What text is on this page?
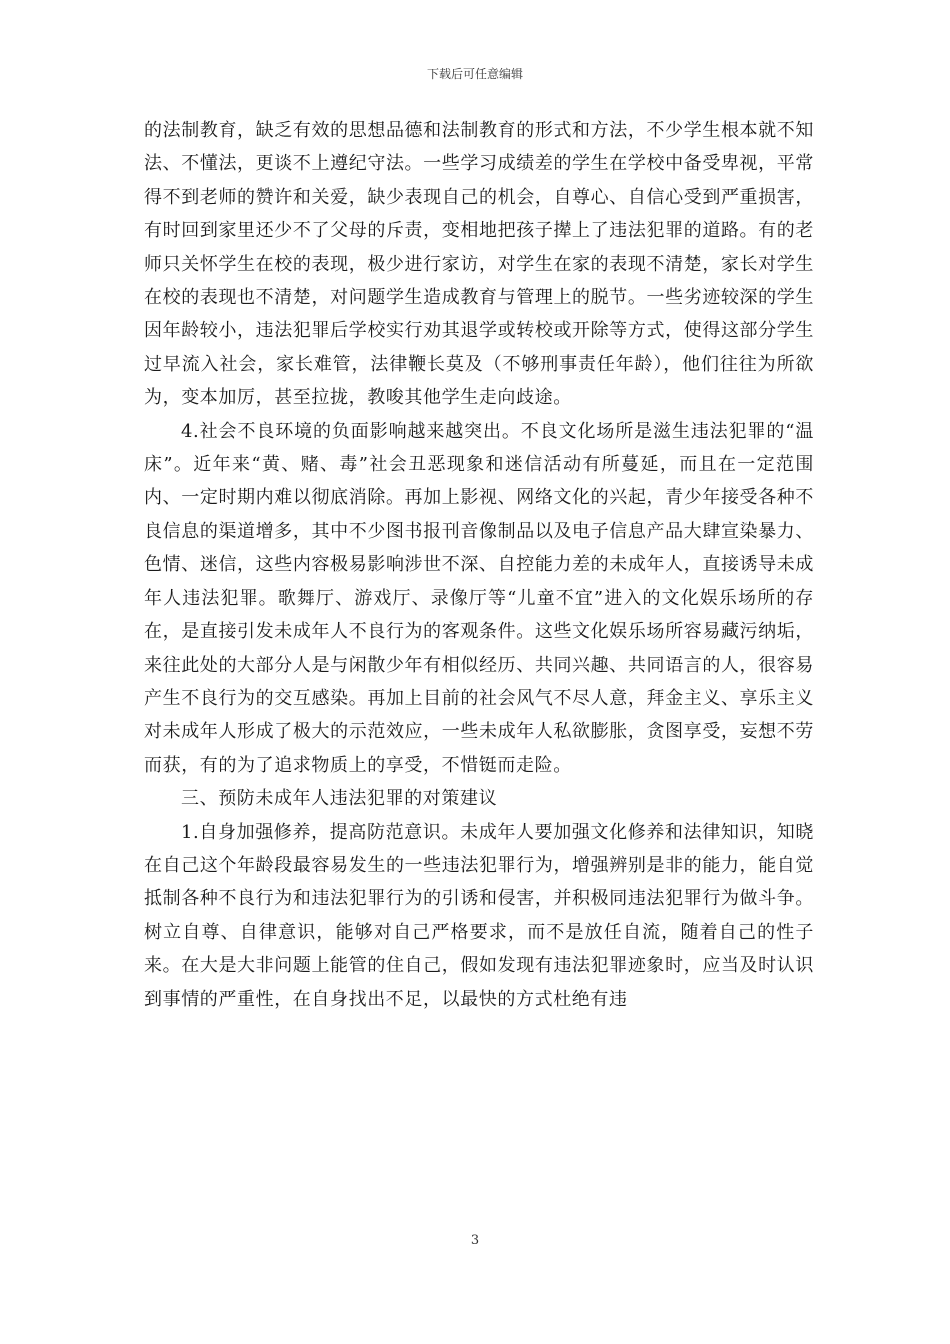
下载后可任意编辑

的法制教育，缺乏有效的思想品德和法制教育的形式和方法，不少学生根本就不知法、不懂法，更谈不上遵纪守法。一些学习成绩差的学生在学校中备受卑视，平常得不到老师的赞许和关爱，缺少表现自己的机会，自尊心、自信心受到严重损害，有时回到家里还少不了父母的斥责，变相地把孩子撵上了违法犯罪的道路。有的老师只关怀学生在校的表现，极少进行家访，对学生在家的表现不清楚，家长对学生在校的表现也不清楚，对问题学生造成教育与管理上的脱节。一些劣迹较深的学生因年龄较小，违法犯罪后学校实行劝其退学或转校或开除等方式，使得这部分学生过早流入社会，家长难管，法律鞭长莫及（不够刑事责任年龄），他们往往为所欲为，变本加厉，甚至拉拢，教唆其他学生走向歧途。

4.社会不良环境的负面影响越来越突出。不良文化场所是滋生违法犯罪的“温床”。近年来“黄、赌、毒”社会丑恶现象和迷信活动有所蔓延，而且在一定范围内、一定时期内难以彻底消除。再加上影视、网络文化的兴起，青少年接受各种不良信息的渠道增多，其中不少图书报刊音像制品以及电子信息产品大肆宣染暴力、色情、迷信，这些内容极易影响涉世不深、自控能力差的未成年人，直接诱导未成年人违法犯罪。歌舞厅、游戏厅、录像厅等“儿童不宜”进入的文化娱乐场所的存在，是直接引发未成年人不良行为的客观条件。这些文化娱乐场所容易藏污纳垢，来往此处的大部分人是与闲散少年有相似经历、共同兴趣、共同语言的人，很容易产生不良行为的交互感染。再加上目前的社会风气不尽人意，拜金主义、享乐主义对未成年人形成了极大的示范效应，一些未成年人私欲膨胀，贪图享受，妄想不劳而获，有的为了追求物质上的享受，不惜铤而走险。

三、预防未成年人违法犯罪的对策建议

1.自身加强修养，提高防范意识。未成年人要加强文化修养和法律知识，知晓在自己这个年龄段最容易发生的一些违法犯罪行为，增强辨别是非的能力，能自觉抵制各种不良行为和违法犯罪行为的引诱和侵害，并积极同违法犯罪行为做斗争。树立自尊、自律意识，能够对自己严格要求，而不是放任自流，随着自己的性子来。在大是大非问题上能管的住自己，假如发现有违法犯罪迹象时，应当及时认识到事情的严重性，在自身找出不足，以最快的方式杜绝有违

3
